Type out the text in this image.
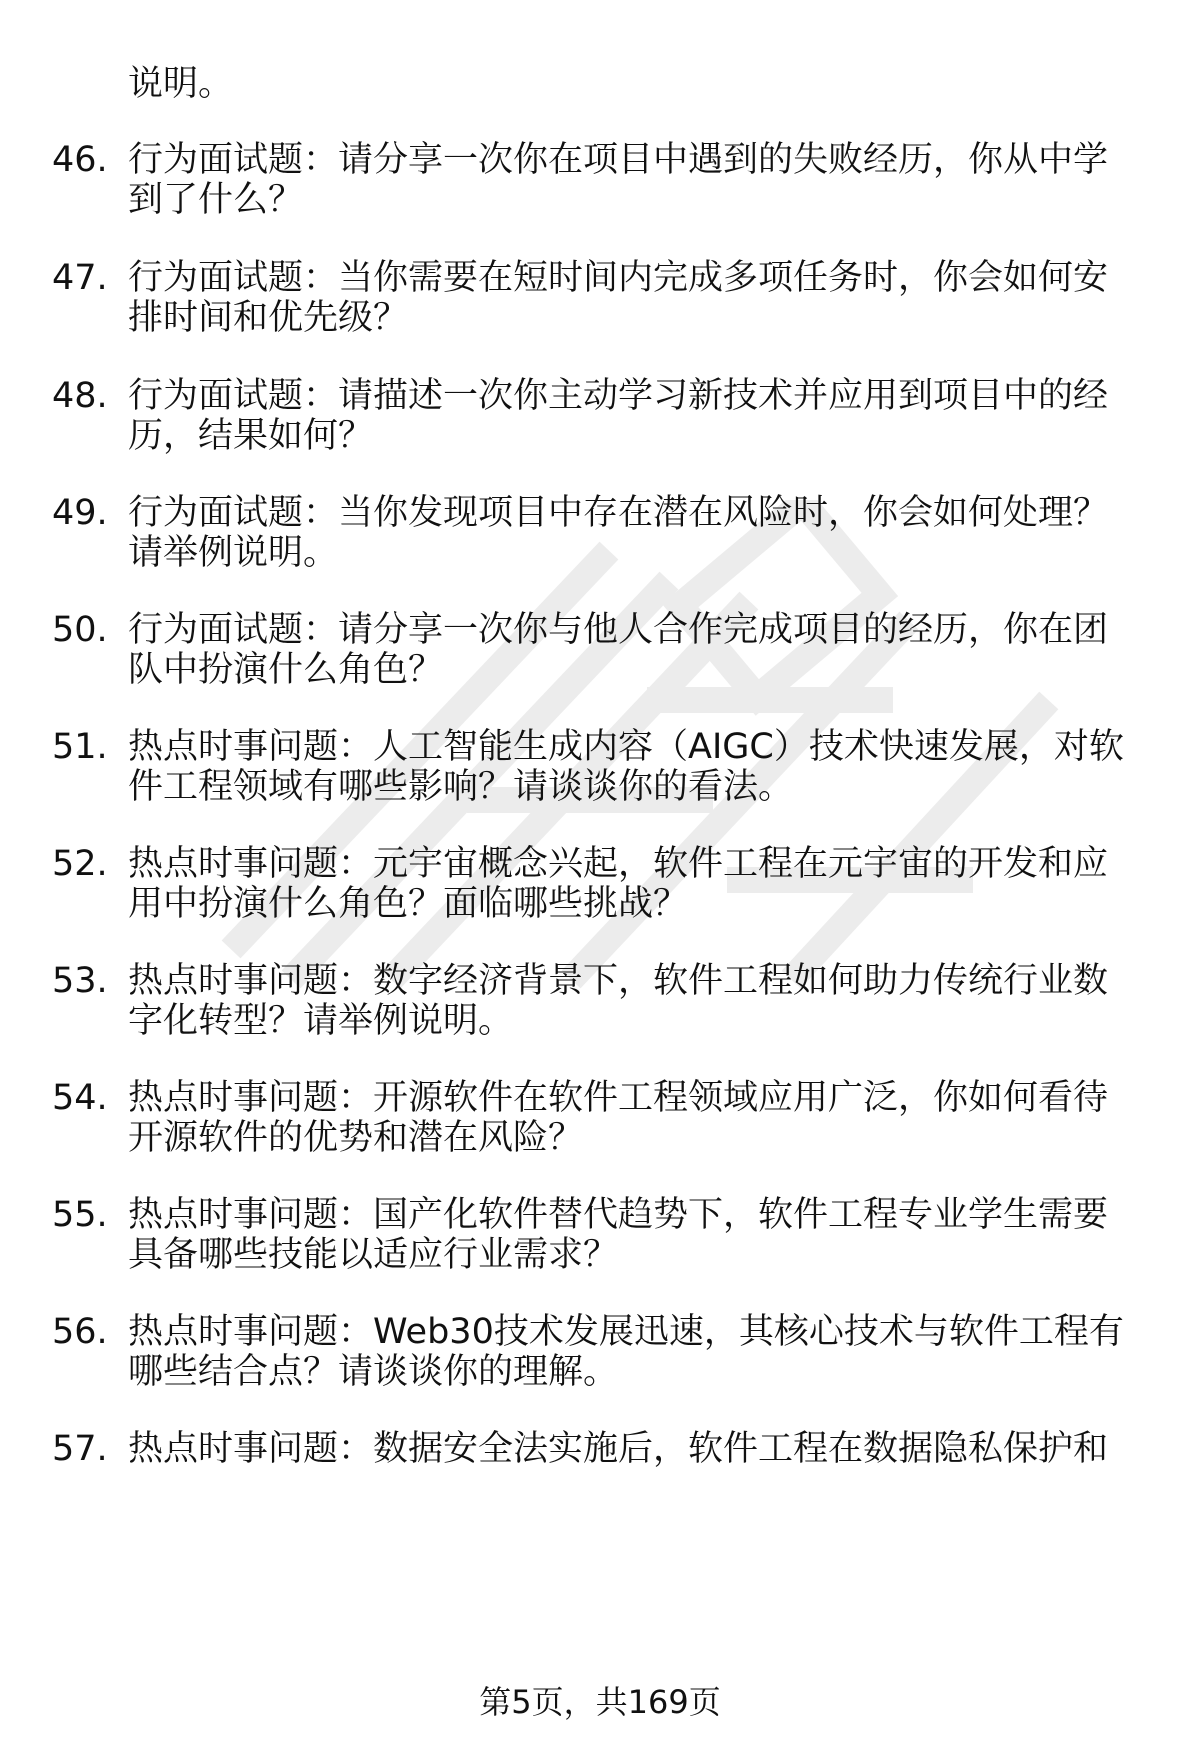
说明。
46. 行为面试题：请分享一次你在项目中遇到的失败经历，你从中学
到了什么？
47. 行为面试题：当你需要在短时间内完成多项任务时，你会如何安
排时间和优先级？
48. 行为面试题：请描述一次你主动学习新技术并应用到项目中的经
历，结果如何？
49. 行为面试题：当你发现项目中存在潜在风险时，你会如何处理？
请举例说明。
50. 行为面试题：请分享一次你与他人合作完成项目的经历，你在团
队中扮演什么角色？
51. 热点时事问题：人工智能生成内容（AIGC）技术快速发展，对软
件工程领域有哪些影响？请谈谈你的看法。
52. 热点时事问题：元宇宙概念兴起，软件工程在元宇宙的开发和应
用中扮演什么角色？面临哪些挑战？
53. 热点时事问题：数字经济背景下，软件工程如何助力传统行业数
字化转型？请举例说明。
54. 热点时事问题：开源软件在软件工程领域应用广泛，你如何看待
开源软件的优势和潜在风险？
55. 热点时事问题：国产化软件替代趋势下，软件工程专业学生需要
具备哪些技能以适应行业需求？
56. 热点时事问题：Web30技术发展迅速，其核心技术与软件工程有
哪些结合点？请谈谈你的理解。
57. 热点时事问题：数据安全法实施后，软件工程在数据隐私保护和
第5页，共169页
